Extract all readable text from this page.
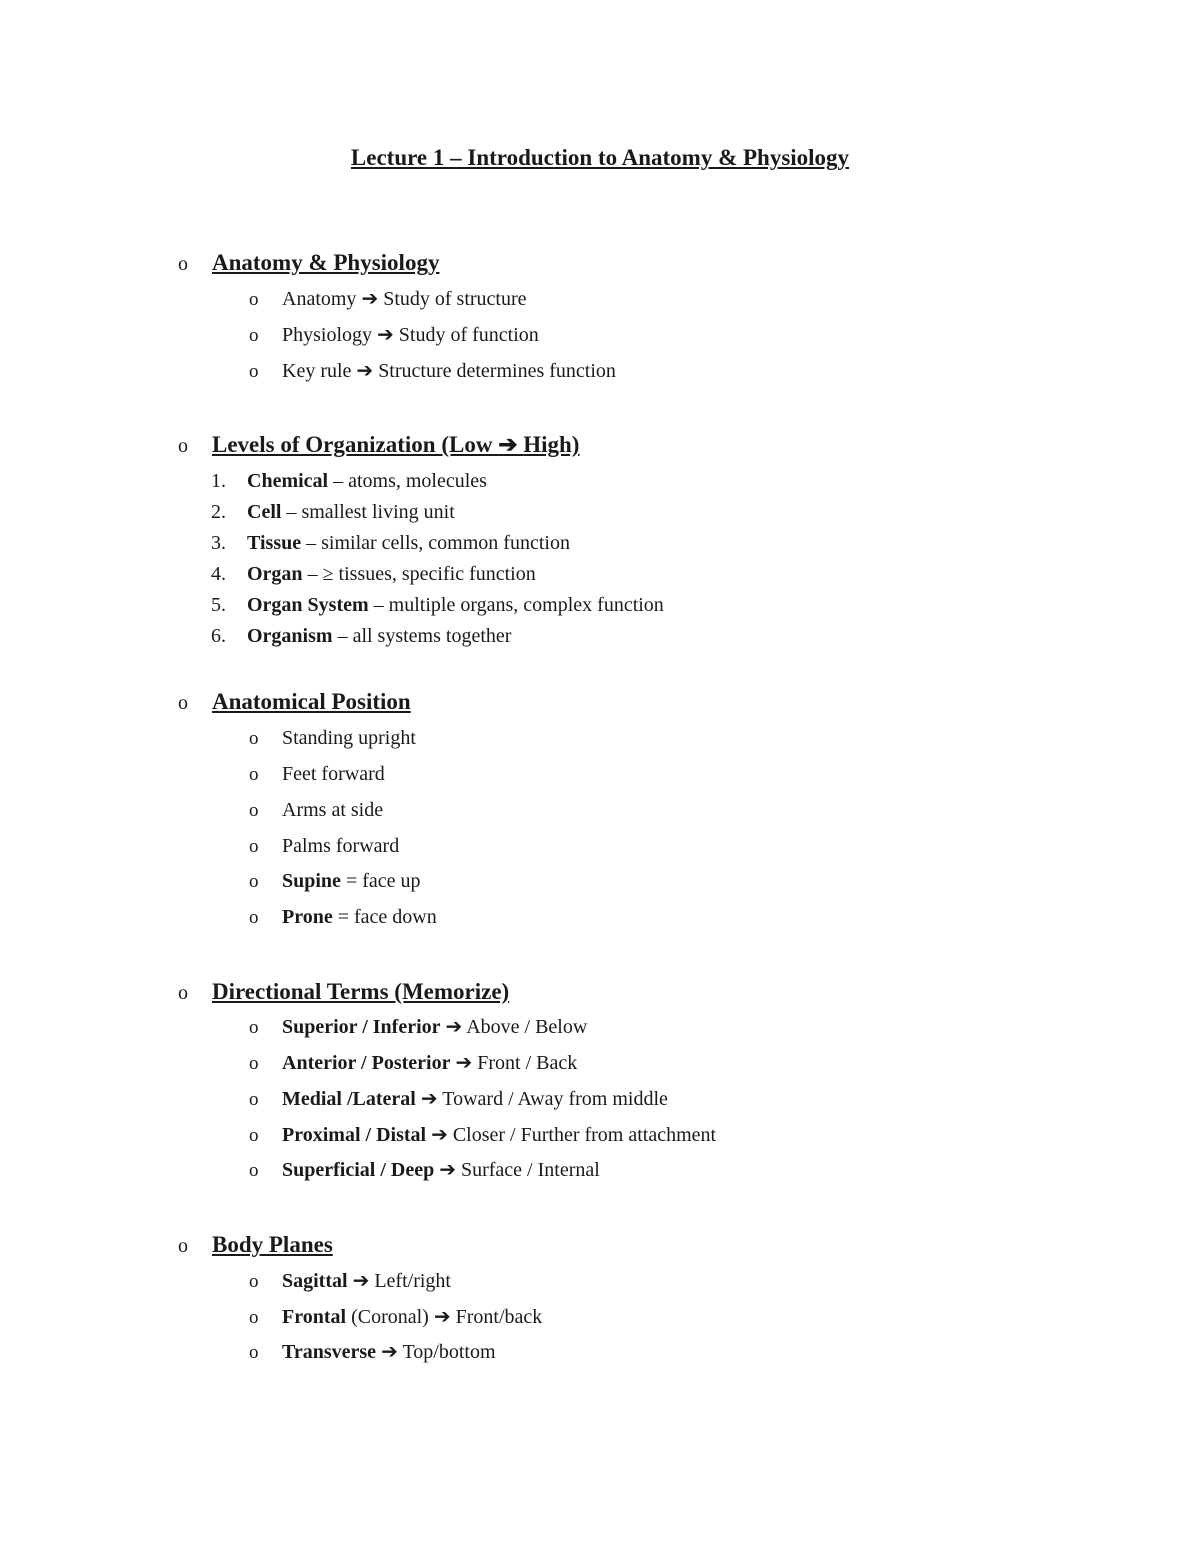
Lecture 1 – Introduction to Anatomy & Physiology
o Anatomy & Physiology
o Anatomy ➔ Study of structure
o Physiology ➔ Study of function
o Key rule ➔ Structure determines function
o Levels of Organization (Low ➔ High)
1. Chemical – atoms, molecules
2. Cell – smallest living unit
3. Tissue – similar cells, common function
4. Organ – ≥ tissues, specific function
5. Organ System – multiple organs, complex function
6. Organism – all systems together
o Anatomical Position
o Standing upright
o Feet forward
o Arms at side
o Palms forward
o Supine = face up
o Prone = face down
o Directional Terms (Memorize)
o Superior / Inferior ➔ Above / Below
o Anterior / Posterior ➔ Front / Back
o Medial /Lateral ➔ Toward / Away from middle
o Proximal / Distal ➔ Closer / Further from attachment
o Superficial / Deep ➔ Surface / Internal
o Body Planes
o Sagittal ➔ Left/right
o Frontal (Coronal) ➔ Front/back
o Transverse ➔ Top/bottom
